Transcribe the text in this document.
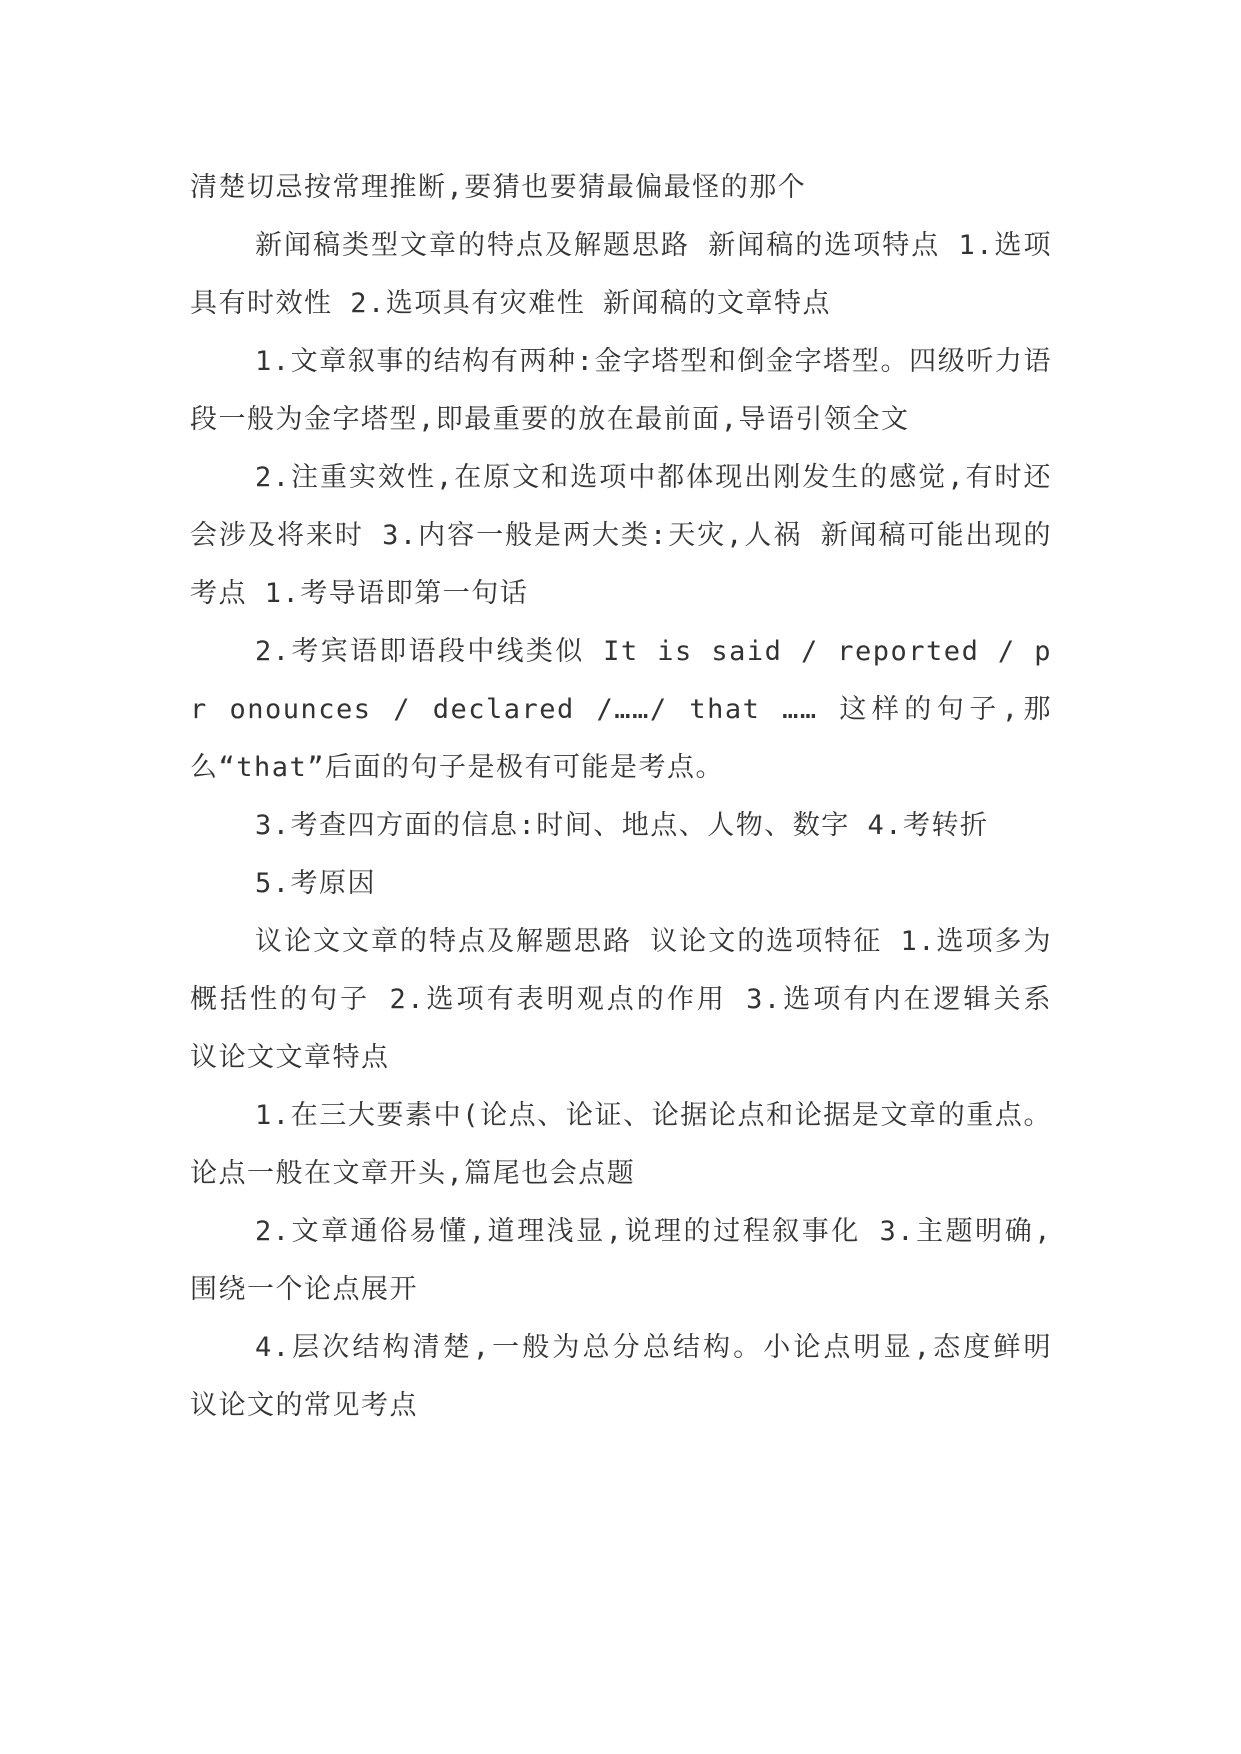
清楚切忌按常理推断,要猜也要猜最偏最怪的那个

新闻稿类型文章的特点及解题思路 新闻稿的选项特点 1.选项具有时效性 2.选项具有灾难性 新闻稿的文章特点

1.文章叙事的结构有两种:金字塔型和倒金字塔型。四级听力语段一般为金字塔型,即最重要的放在最前面,导语引领全文

2.注重实效性,在原文和选项中都体现出刚发生的感觉,有时还会涉及将来时 3.内容一般是两大类:天灾,人祸 新闻稿可能出现的考点 1.考导语即第一句话

2.考宾语即语段中线类似 It is said / reported / pr onounces / declared /……/ that …… 这样的句子,那么“that”后面的句子是极有可能是考点。

3.考查四方面的信息:时间、地点、人物、数字 4.考转折

5.考原因

议论文文章的特点及解题思路 议论文的选项特征 1.选项多为概括性的句子 2.选项有表明观点的作用 3.选项有内在逻辑关系 议论文文章特点

1.在三大要素中(论点、论证、论据论点和论据是文章的重点。论点一般在文章开头,篇尾也会点题

2.文章通俗易懂,道理浅显,说理的过程叙事化 3.主题明确,围绕一个论点展开

4.层次结构清楚,一般为总分总结构。小论点明显,态度鲜明 议论文的常见考点
